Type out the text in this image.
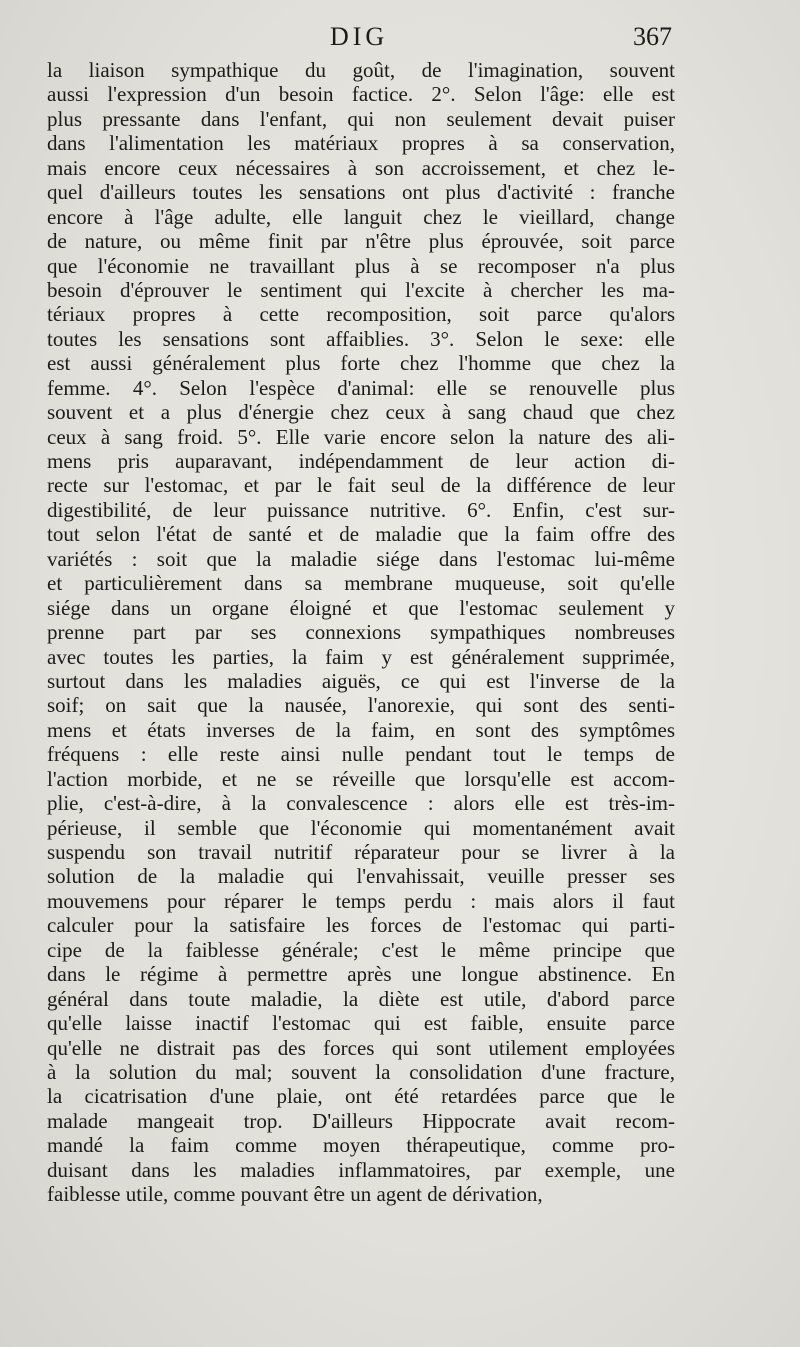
DIG	367
la liaison sympathique du goût, de l'imagination, souvent
aussi l'expression d'un besoin factice. 2°. Selon l'âge: elle est
plus pressante dans l'enfant, qui non seulement devait puiser
dans l'alimentation les matériaux propres à sa conservation,
mais encore ceux nécessaires à son accroissement, et chez le-
quel d'ailleurs toutes les sensations ont plus d'activité : franche
encore à l'âge adulte, elle languit chez le vieillard, change
de nature, ou même finit par n'être plus éprouvée, soit parce
que l'économie ne travaillant plus à se recomposer n'a plus
besoin d'éprouver le sentiment qui l'excite à chercher les ma-
tériaux propres à cette recomposition, soit parce qu'alors
toutes les sensations sont affaiblies. 3°. Selon le sexe: elle
est aussi généralement plus forte chez l'homme que chez la
femme. 4°. Selon l'espèce d'animal: elle se renouvelle plus
souvent et a plus d'énergie chez ceux à sang chaud que chez
ceux à sang froid. 5°. Elle varie encore selon la nature des ali-
mens pris auparavant, indépendamment de leur action di-
recte sur l'estomac, et par le fait seul de la différence de leur
digestibilité, de leur puissance nutritive. 6°. Enfin, c'est sur-
tout selon l'état de santé et de maladie que la faim offre des
variétés : soit que la maladie siége dans l'estomac lui-même
et particulièrement dans sa membrane muqueuse, soit qu'elle
siége dans un organe éloigné et que l'estomac seulement y
prenne part par ses connexions sympathiques nombreuses
avec toutes les parties, la faim y est généralement supprimée,
surtout dans les maladies aiguës, ce qui est l'inverse de la
soif; on sait que la nausée, l'anorexie, qui sont des senti-
mens et états inverses de la faim, en sont des symptômes
fréquens : elle reste ainsi nulle pendant tout le temps de
l'action morbide, et ne se réveille que lorsqu'elle est accom-
plie, c'est-à-dire, à la convalescence : alors elle est très-im-
périeuse, il semble que l'économie qui momentanément avait
suspendu son travail nutritif réparateur pour se livrer à la
solution de la maladie qui l'envahissait, veuille presser ses
mouvemens pour réparer le temps perdu : mais alors il faut
calculer pour la satisfaire les forces de l'estomac qui parti-
cipe de la faiblesse générale; c'est le même principe que
dans le régime à permettre après une longue abstinence. En
général dans toute maladie, la diète est utile, d'abord parce
qu'elle laisse inactif l'estomac qui est faible, ensuite parce
qu'elle ne distrait pas des forces qui sont utilement employées
à la solution du mal; souvent la consolidation d'une fracture,
la cicatrisation d'une plaie, ont été retardées parce que le
malade mangeait trop. D'ailleurs Hippocrate avait recom-
mandé la faim comme moyen thérapeutique, comme pro-
duisant dans les maladies inflammatoires, par exemple, une
faiblesse utile, comme pouvant être un agent de dérivation,
